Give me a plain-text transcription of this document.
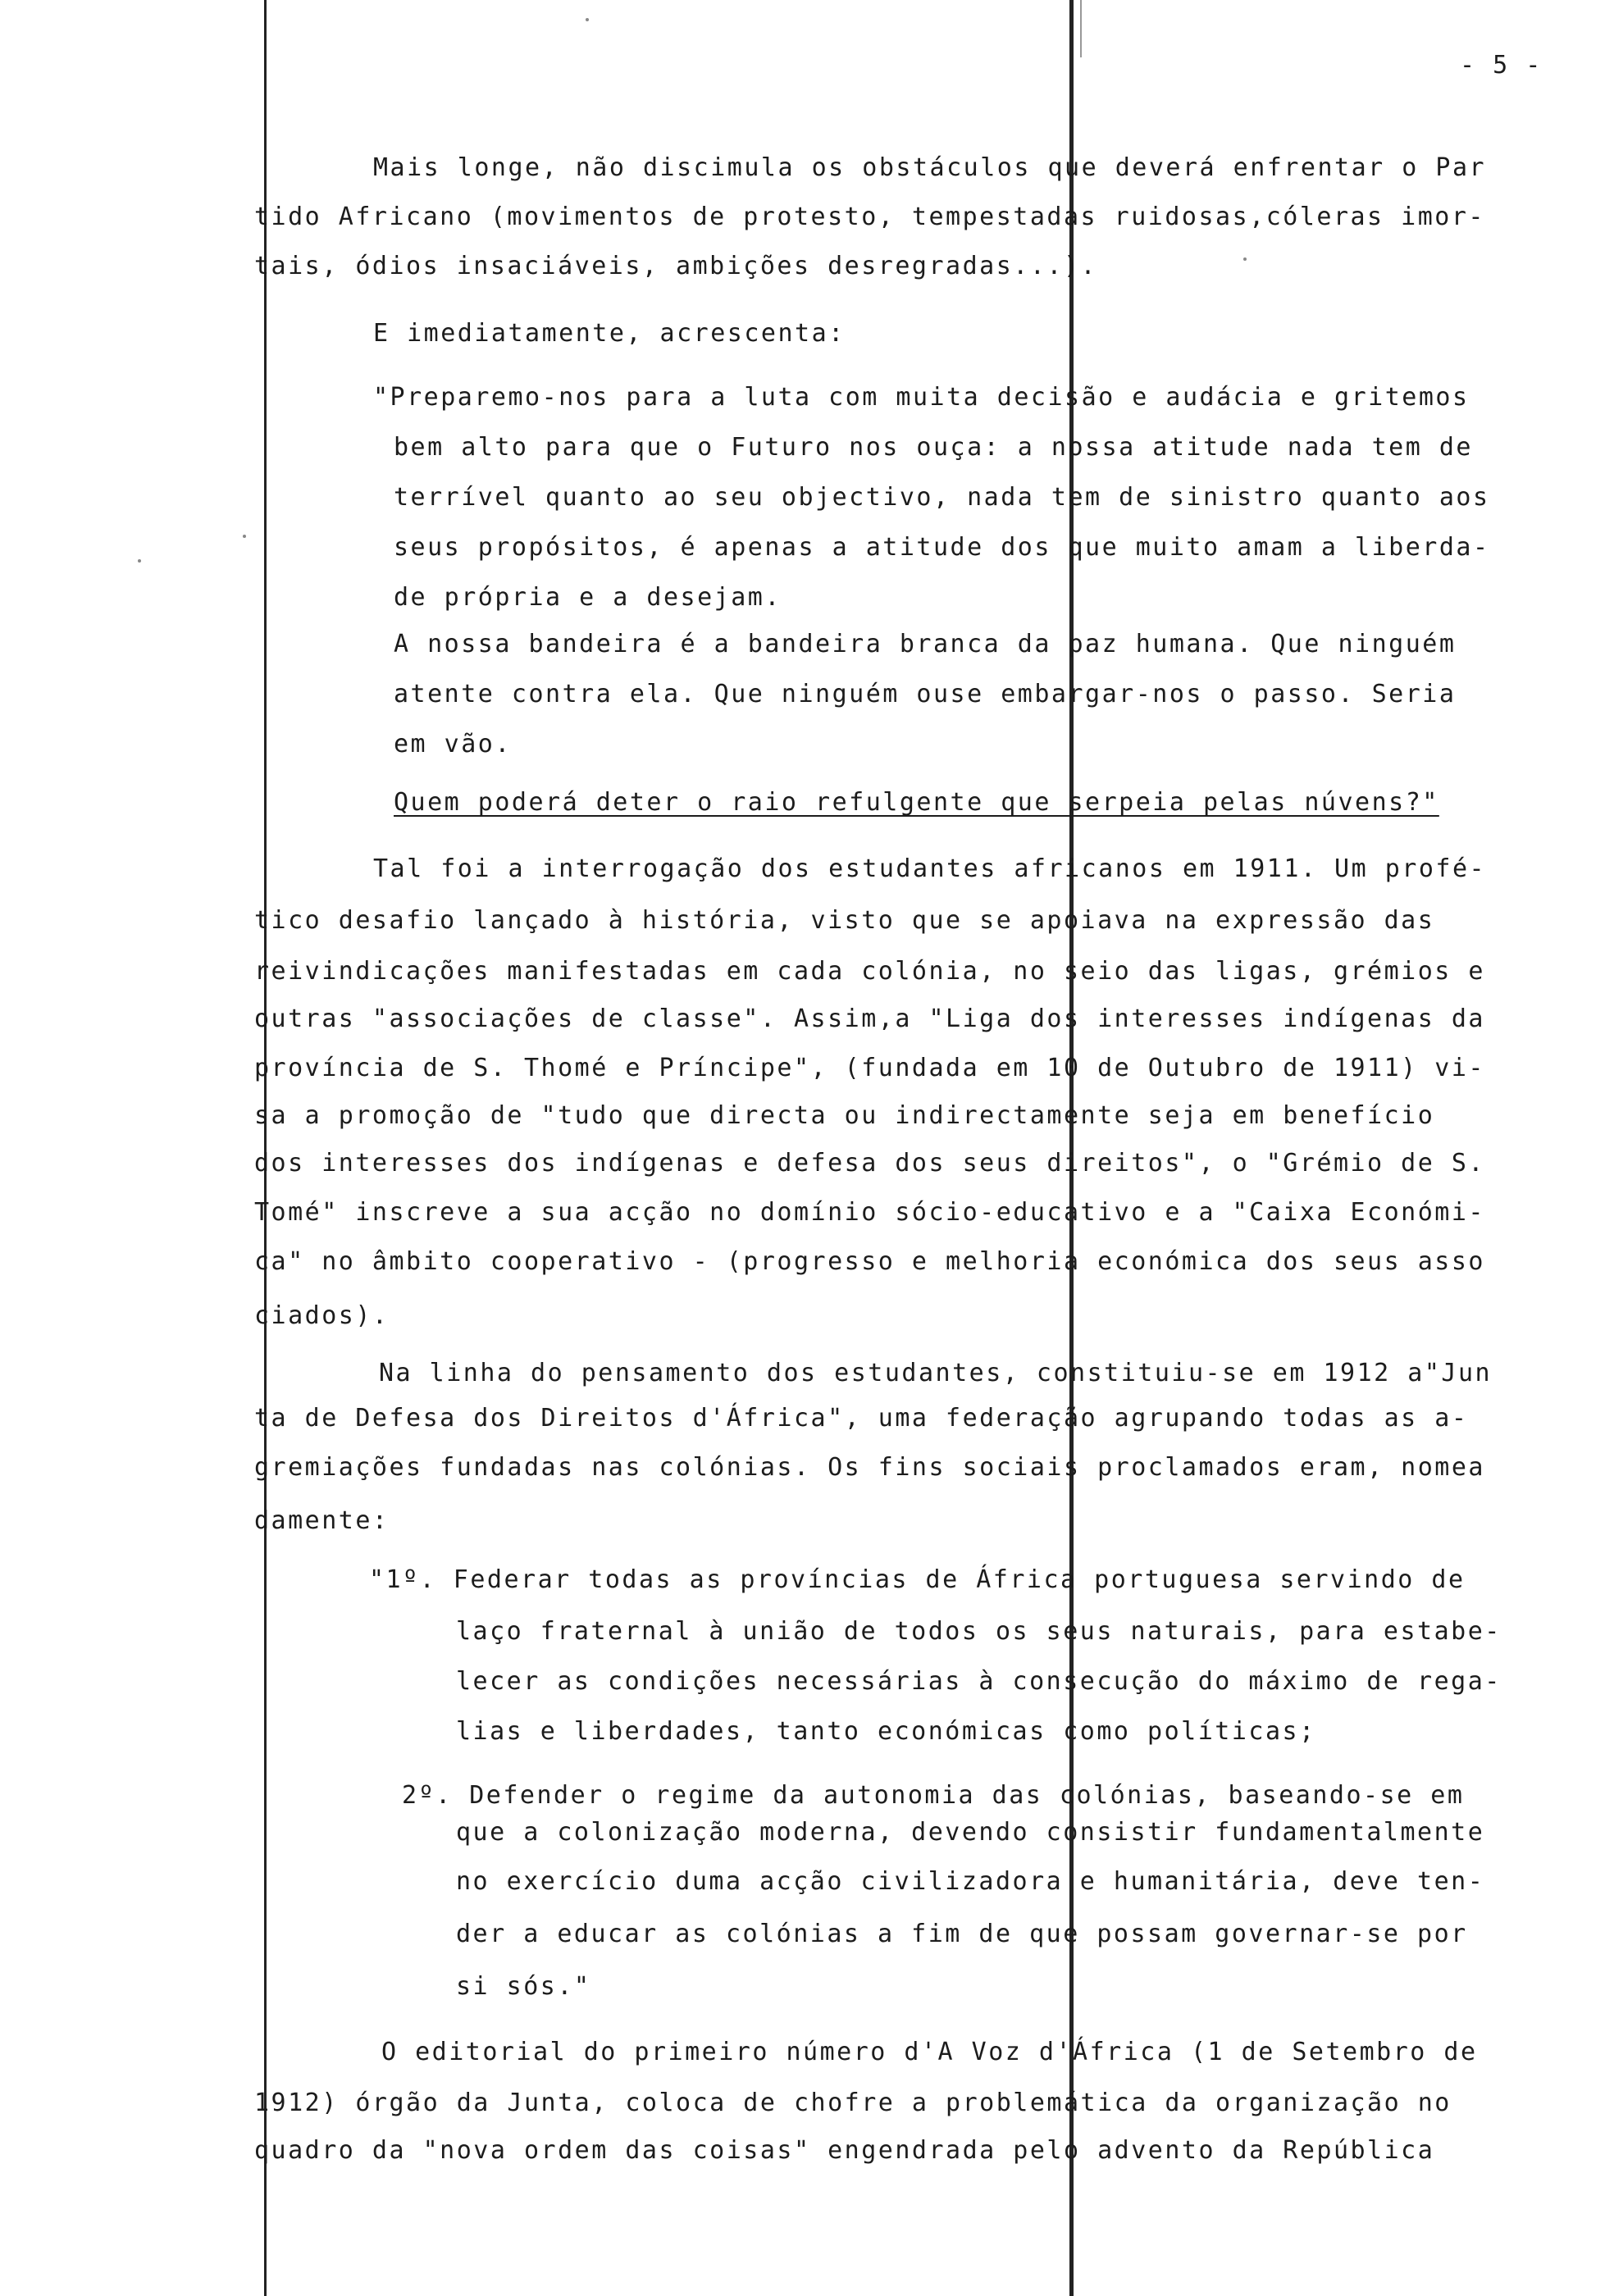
- 5 -
Mais longe, não discimula os obstáculos que deverá enfrentar o Par
tido Africano (movimentos de protesto, tempestadas ruidosas,cóleras imor-
tais, ódios insaciáveis, ambições desregradas...).
E imediatamente, acrescenta:
"Preparemo-nos para a luta com muita decisão e audácia e gritemos
bem alto para que o Futuro nos ouça: a nossa atitude nada tem de
terrível quanto ao seu objectivo, nada tem de sinistro quanto aos
seus propósitos, é apenas a atitude dos que muito amam a liberda-
de própria e a desejam.
A nossa bandeira é a bandeira branca da paz humana. Que ninguém
atente contra ela. Que ninguém ouse embargar-nos o passo. Seria
em vão.
Quem poderá deter o raio refulgente que serpeia pelas núvens?"
Tal foi a interrogação dos estudantes africanos em 1911. Um profé-
tico desafio lançado à história, visto que se apoiava na expressão das
reivindicações manifestadas em cada colónia, no seio das ligas, grémios e
outras "associações de classe". Assim,a "Liga dos interesses indígenas da
província de S. Thomé e Príncipe", (fundada em 10 de Outubro de 1911) vi-
sa a promoção de "tudo que directa ou indirectamente seja em benefício
dos interesses dos indígenas e defesa dos seus direitos", o "Grémio de S.
Tomé" inscreve a sua acção no domínio sócio-educativo e a "Caixa Económi-
ca" no âmbito cooperativo - (progresso e melhoria económica dos seus asso
ciados).
Na linha do pensamento dos estudantes, constituiu-se em 1912 a"Jun
ta de Defesa dos Direitos d'África", uma federação agrupando todas as a-
gremiações fundadas nas colónias. Os fins sociais proclamados eram, nomea
damente:
"1º. Federar todas as províncias de África portuguesa servindo de
laço fraternal à união de todos os seus naturais, para estabe-
lecer as condições necessárias à consecução do máximo de rega-
lias e liberdades, tanto económicas como políticas;
2º. Defender o regime da autonomia das colónias, baseando-se em
que a colonização moderna, devendo consistir fundamentalmente
no exercício duma acção civilizadora e humanitária, deve ten-
der a educar as colónias a fim de que possam governar-se por
si sós."
O editorial do primeiro número d'A Voz d'África (1 de Setembro de
1912) órgão da Junta, coloca de chofre a problemática da organização no
quadro da "nova ordem das coisas" engendrada pelo advento da República
